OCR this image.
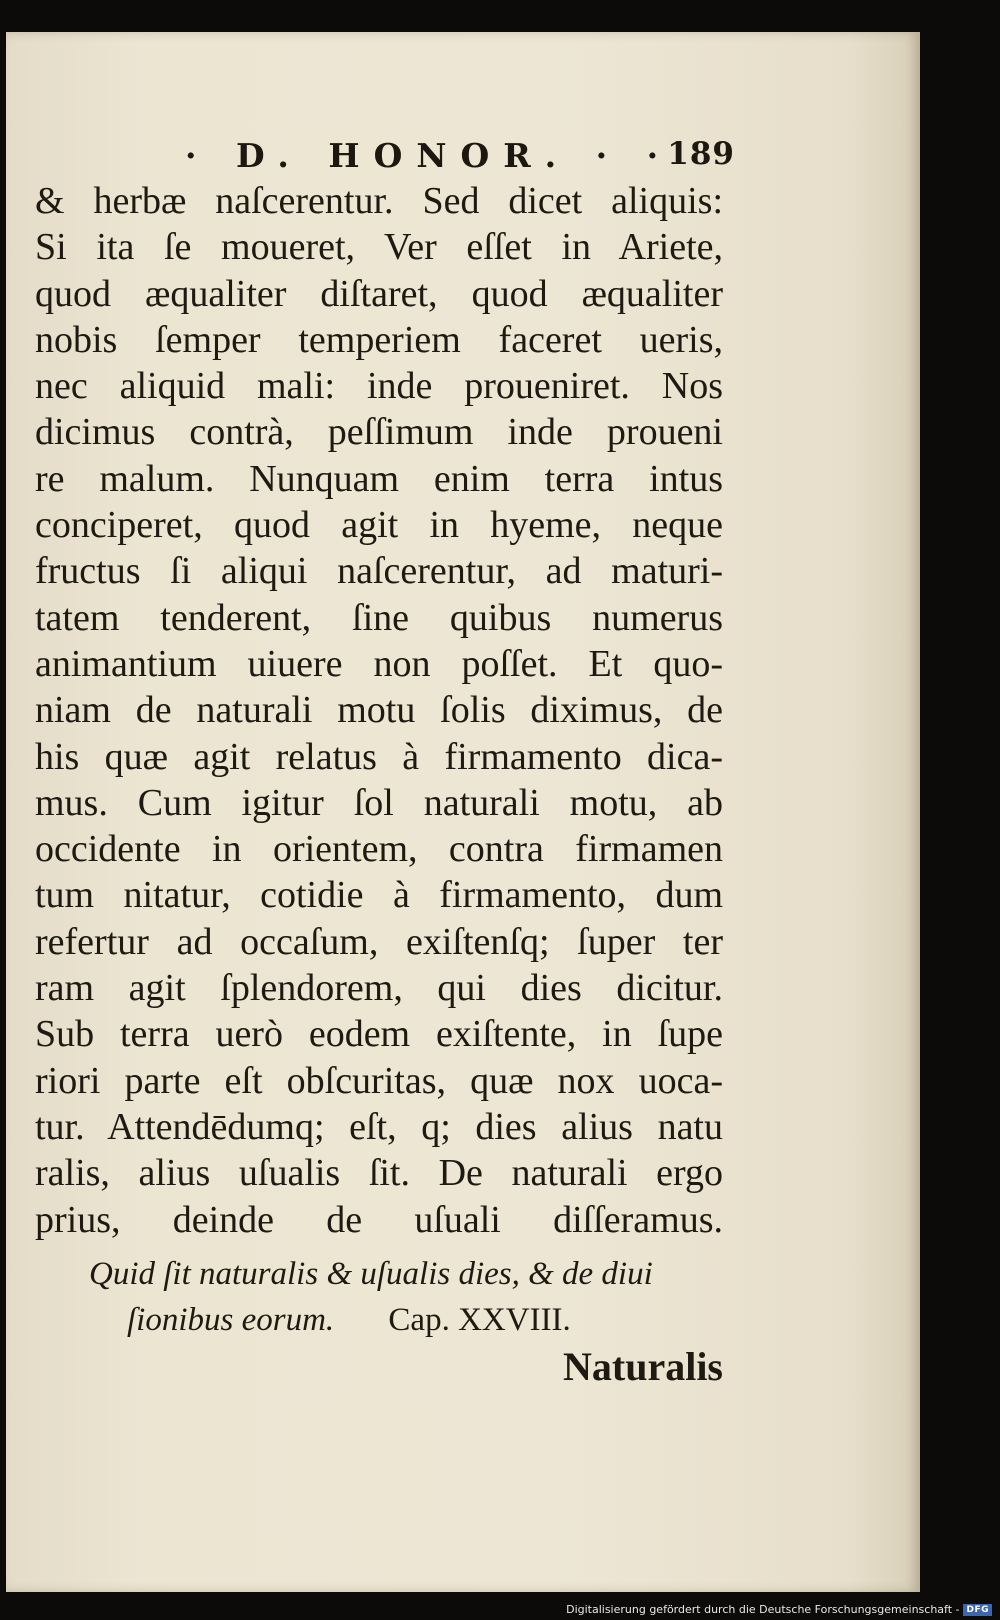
· D. HONOR. · ·
189
& herbæ naſcerentur. Sed dicet aliquis:
Si ita ſe moueret, Ver eſſet in Ariete,
quod æqualiter diſtaret, quod æqualiter
nobis ſemper temperiem faceret ueris,
nec aliquid mali: inde proueniret. Nos
dicimus contrà, peſſimum inde proueni
re malum. Nunquam enim terra intus
conciperet, quod agit in hyeme, neque
fructus ſi aliqui naſcerentur, ad maturi-
tatem tenderent, ſine quibus numerus
animantium uiuere non poſſet. Et quo-
niam de naturali motu ſolis diximus, de
his quæ agit relatus à firmamento dica-
mus. Cum igitur ſol naturali motu, ab
occidente in orientem, contra firmamen
tum nitatur, cotidie à firmamento, dum
refertur ad occaſum, exiſtenſq; ſuper ter
ram agit ſplendorem, qui dies dicitur.
Sub terra uerò eodem exiſtente, in ſupe
riori parte eſt obſcuritas, quæ nox uoca-
tur. Attendēdumq; eſt, q; dies alius natu
ralis, alius uſualis ſit. De naturali ergo
prius, deinde de uſuali diſſeramus.
Quid ſit naturalis & uſualis dies, & de diui
ſionibus eorum. Cap. XXVIII.
Naturalis
Digitalisierung gefördert durch die Deutsche Forschungsgemeinschaft - DFG
